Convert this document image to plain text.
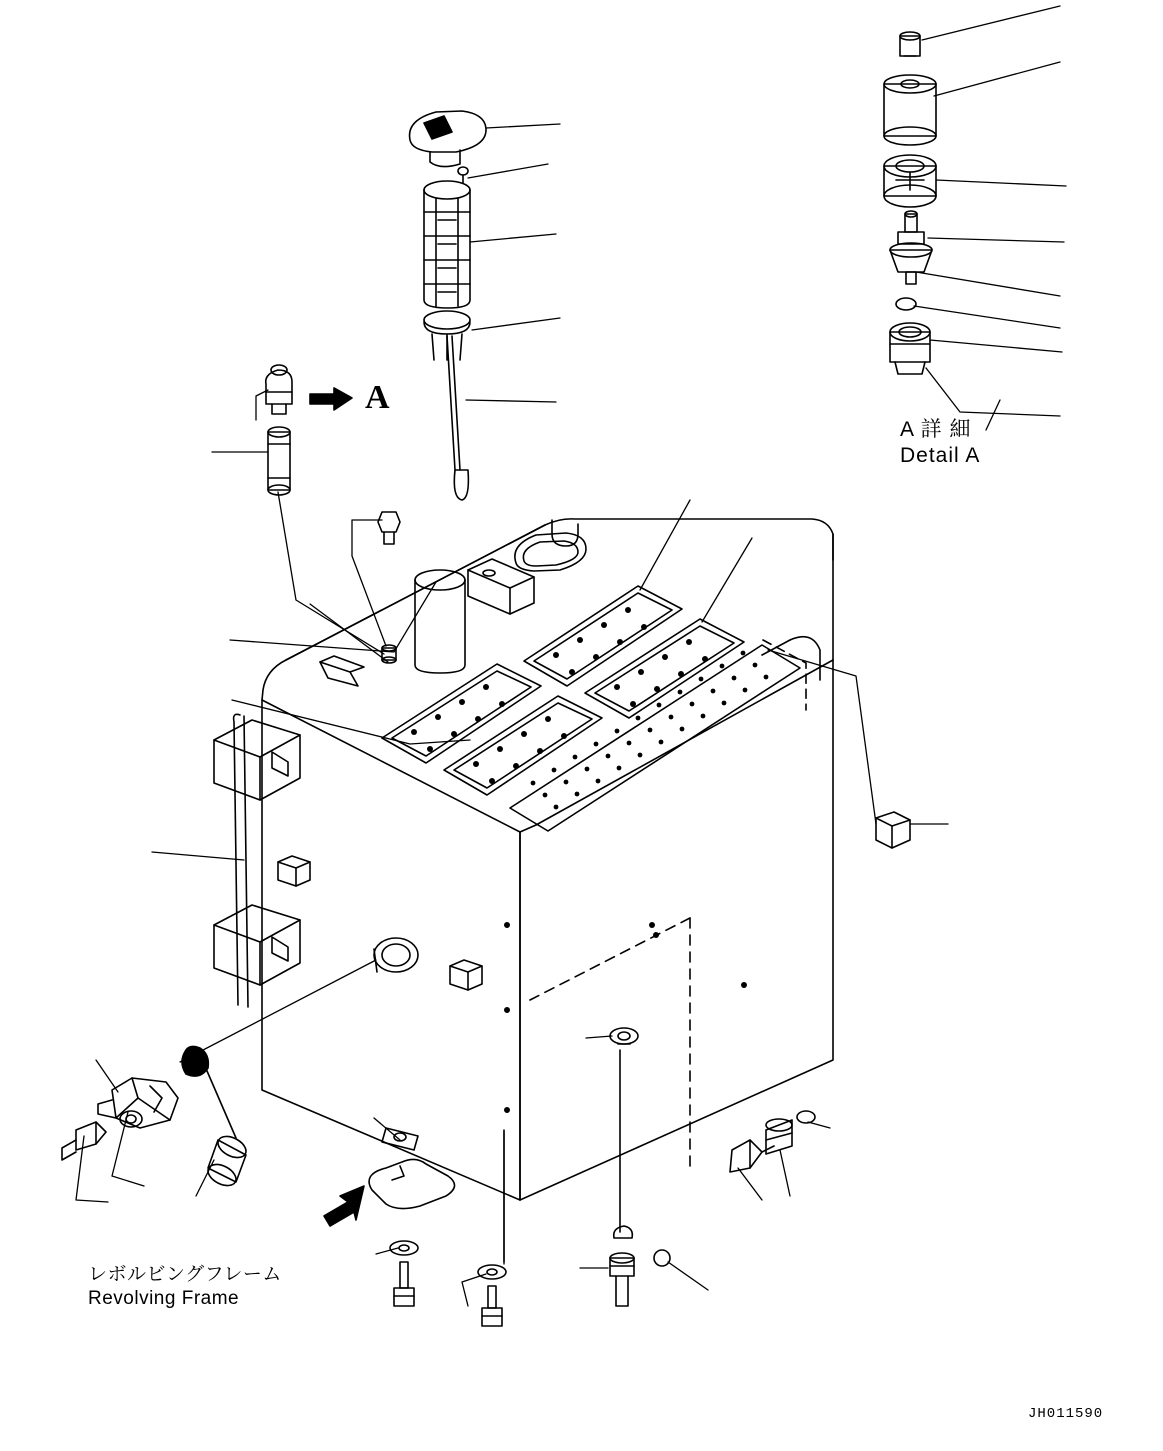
A
A 詳 細
Detail A
レボルビングフレーム
Revolving Frame
JH011590
